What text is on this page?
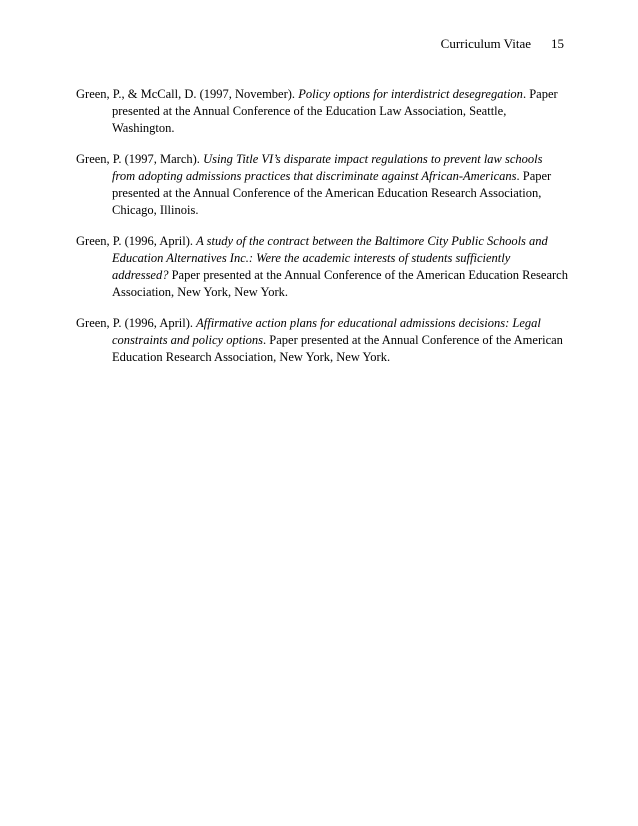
Curriculum Vitae 15

Green, P., & McCall, D. (1997, November). Policy options for interdistrict desegregation. Paper presented at the Annual Conference of the Education Law Association, Seattle, Washington.

Green, P. (1997, March). Using Title VI’s disparate impact regulations to prevent law schools from adopting admissions practices that discriminate against African-Americans. Paper presented at the Annual Conference of the American Education Research Association, Chicago, Illinois.

Green, P. (1996, April). A study of the contract between the Baltimore City Public Schools and Education Alternatives Inc.: Were the academic interests of students sufficiently addressed? Paper presented at the Annual Conference of the American Education Research Association, New York, New York.

Green, P. (1996, April). Affirmative action plans for educational admissions decisions: Legal constraints and policy options. Paper presented at the Annual Conference of the American Education Research Association, New York, New York.
